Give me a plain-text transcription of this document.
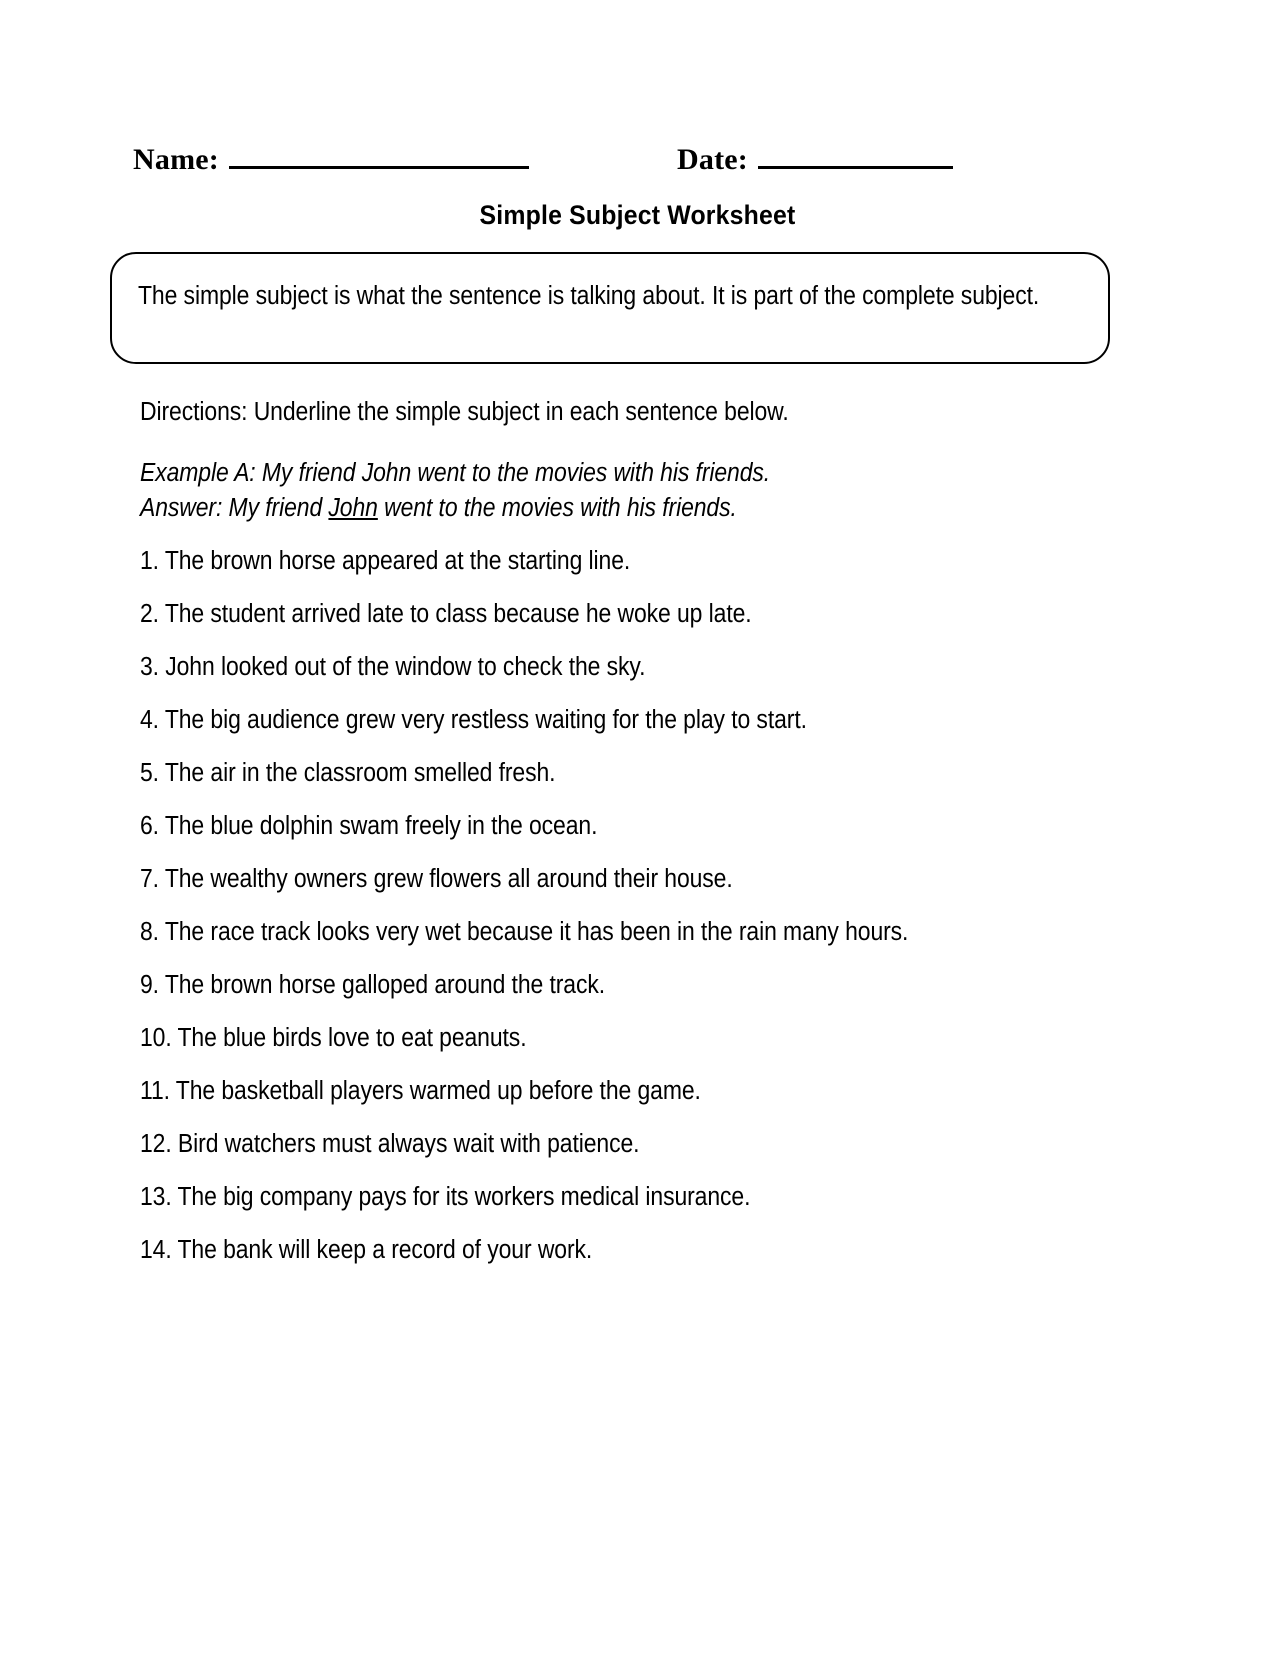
Name:	Date:
Simple Subject Worksheet
The simple subject is what the sentence is talking about. It is part of the complete subject.
Directions: Underline the simple subject in each sentence below.
Example A: My friend John went to the movies with his friends.
Answer: My friend John went to the movies with his friends.
1. The brown horse appeared at the starting line.
2. The student arrived late to class because he woke up late.
3. John looked out of the window to check the sky.
4. The big audience grew very restless waiting for the play to start.
5. The air in the classroom smelled fresh.
6. The blue dolphin swam freely in the ocean.
7. The wealthy owners grew flowers all around their house.
8. The race track looks very wet because it has been in the rain many hours.
9. The brown horse galloped around the track.
10. The blue birds love to eat peanuts.
11. The basketball players warmed up before the game.
12. Bird watchers must always wait with patience.
13. The big company pays for its workers medical insurance.
14. The bank will keep a record of your work.
